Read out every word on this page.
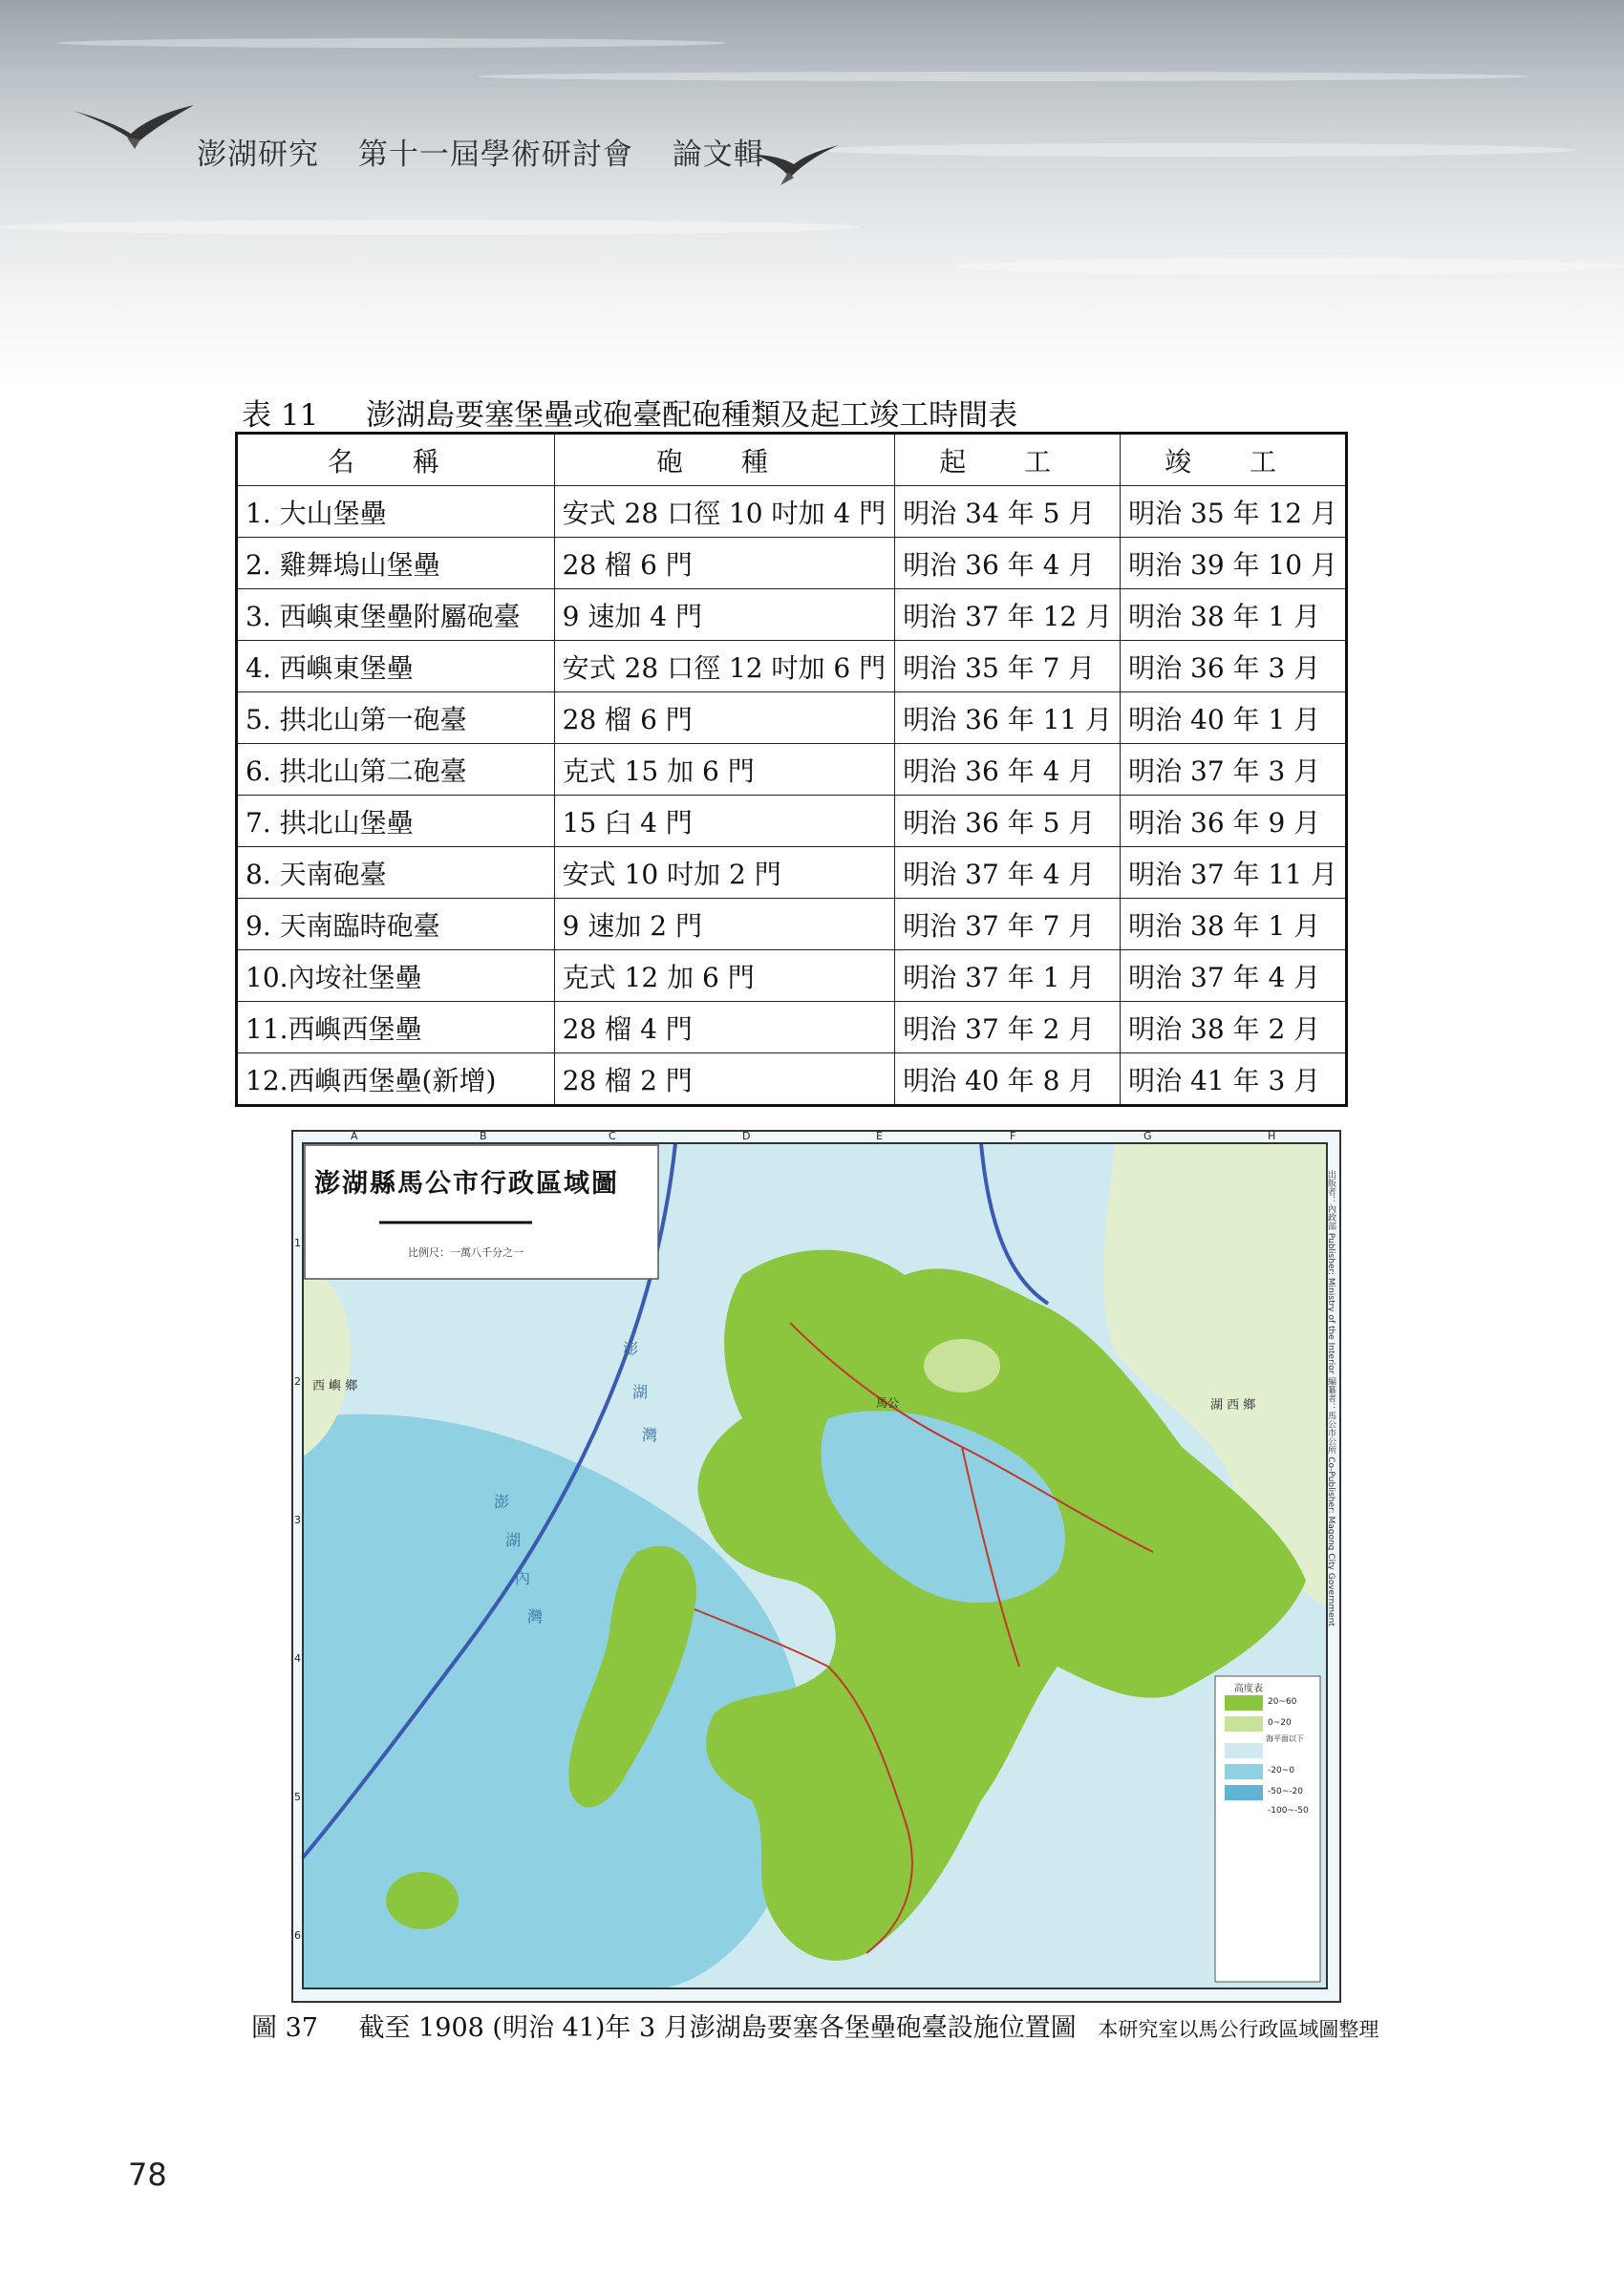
澎湖研究 第十一屆學術研討會 論文輯
表 11 澎湖島要塞堡壘或砲臺配砲種類及起工竣工時間表
名 稱	砲 種	起 工	竣 工
1. 大山堡壘	安式 28 口徑 10 吋加 4 門	明治 34 年 5 月	明治 35 年 12 月
2. 雞舞塢山堡壘	28 榴 6 門	明治 36 年 4 月	明治 39 年 10 月
3. 西嶼東堡壘附屬砲臺	9 速加 4 門	明治 37 年 12 月	明治 38 年 1 月
4. 西嶼東堡壘	安式 28 口徑 12 吋加 6 門	明治 35 年 7 月	明治 36 年 3 月
5. 拱北山第一砲臺	28 榴 6 門	明治 36 年 11 月	明治 40 年 1 月
6. 拱北山第二砲臺	克式 15 加 6 門	明治 36 年 4 月	明治 37 年 3 月
7. 拱北山堡壘	15 臼 4 門	明治 36 年 5 月	明治 36 年 9 月
8. 天南砲臺	安式 10 吋加 2 門	明治 37 年 4 月	明治 37 年 11 月
9. 天南臨時砲臺	9 速加 2 門	明治 37 年 7 月	明治 38 年 1 月
10.內垵社堡壘	克式 12 加 6 門	明治 37 年 1 月	明治 37 年 4 月
11.西嶼西堡壘	28 榴 4 門	明治 37 年 2 月	明治 38 年 2 月
12.西嶼西堡壘(新增)	28 榴 2 門	明治 40 年 8 月	明治 41 年 3 月
A	B	C	D	E	F	G	H
1
2
3
4
5
6
澎湖縣馬公市行政區域圖
比例尺：一萬八千分之一
西 嶼 鄉
湖 西 鄉
澎
湖
灣
澎
湖
內
灣
馬公
高度表
20~60
0~20
海平面以下
-20~0
-50~-20
-100~-50
出版者：內政部 Publisher: Ministry of the Interior 編纂者：馬公市公所 Co-Publisher: Magong City Government
圖 37 截至 1908 (明治 41)年 3 月澎湖島要塞各堡壘砲臺設施位置圖 本研究室以馬公行政區域圖整理
78
